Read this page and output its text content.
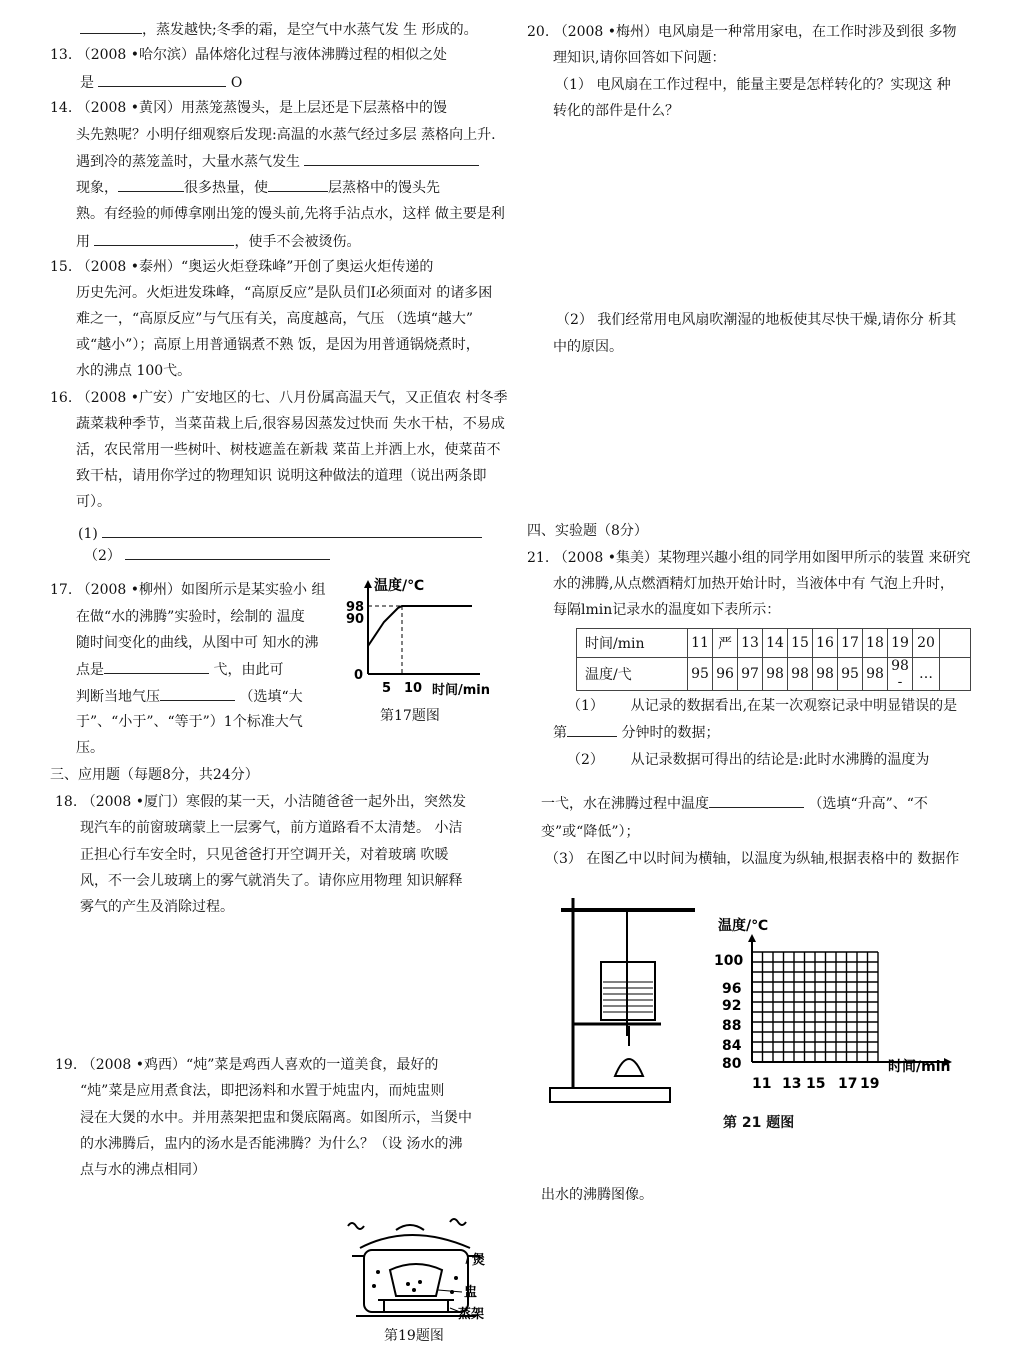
，蒸发越快;冬季的霜，是空气中水蒸气发 生 形成的。
13. （2008 •哈尔滨）晶体熔化过程与液体沸腾过程的相似之处
是	O
14. （2008 •黄冈）用蒸笼蒸馒头，是上层还是下层蒸格中的馒
头先熟呢？小明仔细观察后发现:高温的水蒸气经过多层 蒸格向上升.
遇到冷的蒸笼盖时，大量水蒸气发生
现象，	很多热量，使	层蒸格中的馒头先
熟。有经验的师傅拿刚出笼的馒头前,先将手沾点水，这样 做主要是利
用	，使手不会被烫伤。
15. （2008 •泰州）“奥运火炬登珠峰”开创了奥运火炬传递的
历史先河。火炬进发珠峰，“高原反应”是队员们I必须面对 的诸多困
难之一，“高原反应”与气压有关，高度越高，气压 （选填“越大”
或“越小”）；高原上用普通锅煮不熟 饭，是因为用普通锅烧煮时，
水的沸点 100弋。
16. （2008 •广安）广安地区的七、八月份属高温天气，又正值农 村冬季
蔬菜栽种季节，当菜苗栽上后,很容易因蒸发过快而 失水干枯，不易成
活，农民常用一些树叶、树枝遮盖在新栽 菜苗上并洒上水，使菜苗不
致干枯，请用你学过的物理知识 说明这种做法的道理（说出两条即
可）。
(1)
（2）
17. （2008 •柳州）如图所示是某实验小 组
在做“水的沸腾”实验时，绘制的 温度
随时间变化的曲线，从图中可 知水的沸
点是	弋，由此可
判断当地气压	（选填“大
于”、“小于”、“等于”）1个标准大气
压。
温度/℃
98
90
0
5 10 时间/min
第17题图
三、应用题（每题8分，共24分）
18. （2008 •厦门）寒假的某一天，小洁随爸爸一起外出，突然发
现汽车的前窗玻璃蒙上一层雾气，前方道路看不太清楚。 小洁
正担心行车安全时，只见爸爸打开空调开关，对着玻璃 吹暖
风，不一会儿玻璃上的雾气就消失了。请你应用物理 知识解释
雾气的产生及消除过程。
19. （2008 •鸡西）“炖”菜是鸡西人喜欢的一道美食，最好的
“炖”菜是应用煮食法，即把汤料和水置于炖盅内，而炖盅则
浸在大煲的水中。并用蒸架把盅和煲底隔离。如图所示，当煲中
的水沸腾后，盅内的汤水是否能沸腾？为什么？（设 汤水的沸
点与水的沸点相同）
煲
盅
蒸架
第19题图
20. （2008 •梅州）电风扇是一种常用家电，在工作时涉及到很 多物
理知识,请你回答如下问题：
（1） 电风扇在工作过程中，能量主要是怎样转化的？实现这 种
转化的部件是什么？
（2） 我们经常用电风扇吹潮湿的地板使其尽快干燥,请你分 析其
中的原因。
四、实验题（8分）
21. （2008 •集美）某物理兴趣小组的同学用如图甲所示的装置 来研究
水的沸腾,从点燃酒精灯加热开始计时，当液体中有 气泡上升时，
每隔lmin记录水的温度如下表所示：
时间/min	11	严	13	14	15	16	17	18	19	20	
温度/弋	95	96	97	98	98	98	95	98	98 -	…	
（1） 从记录的数据看出,在某一次观察记录中明显错误的是
第	分钟时的数据；
（2） 从记录数据可得出的结论是:此时水沸腾的温度为
一弋，水在沸腾过程中温度	（选填“升高”、“不
变”或“降低”）；
（3） 在图乙中以时间为横轴，以温度为纵轴,根据表格中的 数据作
温度/℃
100
96
92
88
84
80
11 13 15 17 19
时间/min
第 21 题图
出水的沸腾图像。
